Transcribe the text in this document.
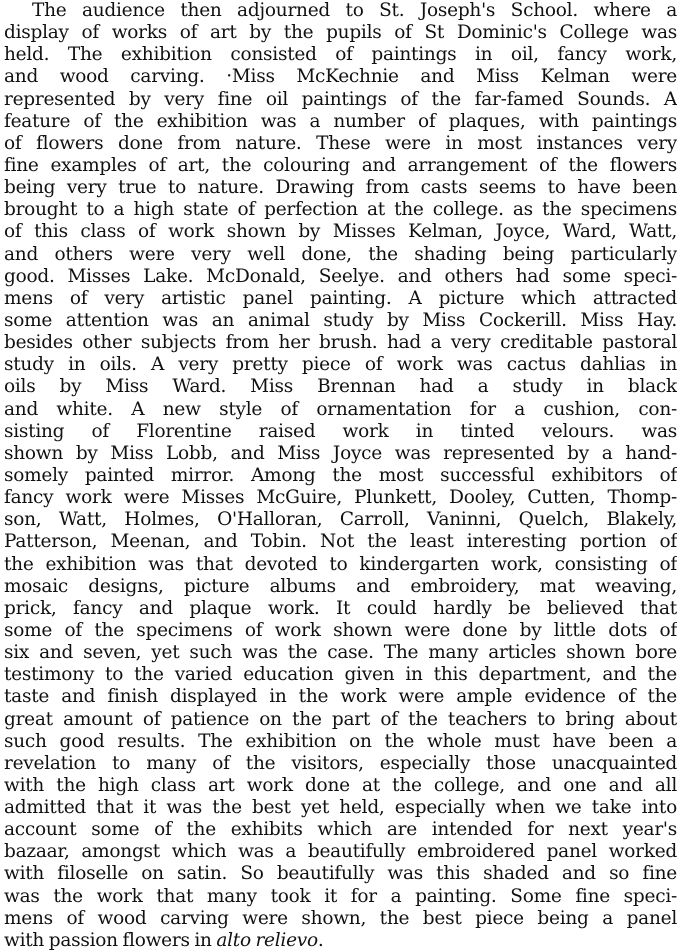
The audience then adjourned to St. Joseph's School. where a
display of works of art by the pupils of St Dominic's College was
held. The exhibition consisted of paintings in oil, fancy work,
and wood carving. ·Miss McKechnie and Miss Kelman were
represented by very fine oil paintings of the far-famed Sounds. A
feature of the exhibition was a number of plaques, with paintings
of flowers done from nature. These were in most instances very
fine examples of art, the colouring and arrangement of the flowers
being very true to nature. Drawing from casts seems to have been
brought to a high state of perfection at the college. as the specimens
of this class of work shown by Misses Kelman, Joyce, Ward, Watt,
and others were very well done, the shading being particularly
good. Misses Lake. McDonald, Seelye. and others had some speci-
mens of very artistic panel painting. A picture which attracted
some attention was an animal study by Miss Cockerill. Miss Hay.
besides other subjects from her brush. had a very creditable pastoral
study in oils. A very pretty piece of work was cactus dahlias in
oils by Miss Ward. Miss Brennan had a study in black
and white. A new style of ornamentation for a cushion, con-
sisting of Florentine raised work in tinted velours. was
shown by Miss Lobb, and Miss Joyce was represented by a hand-
somely painted mirror. Among the most successful exhibitors of
fancy work were Misses McGuire, Plunkett, Dooley, Cutten, Thomp-
son, Watt, Holmes, O'Halloran, Carroll, Vaninni, Quelch, Blakely,
Patterson, Meenan, and Tobin. Not the least interesting portion of
the exhibition was that devoted to kindergarten work, consisting of
mosaic designs, picture albums and embroidery, mat weaving,
prick, fancy and plaque work. It could hardly be believed that
some of the specimens of work shown were done by little dots of
six and seven, yet such was the case. The many articles shown bore
testimony to the varied education given in this department, and the
taste and finish displayed in the work were ample evidence of the
great amount of patience on the part of the teachers to bring about
such good results. The exhibition on the whole must have been a
revelation to many of the visitors, especially those unacquainted
with the high class art work done at the college, and one and all
admitted that it was the best yet held, especially when we take into
account some of the exhibits which are intended for next year's
bazaar, amongst which was a beautifully embroidered panel worked
with filoselle on satin. So beautifully was this shaded and so fine
was the work that many took it for a painting. Some fine speci-
mens of wood carving were shown, the best piece being a panel
with passion flowers in alto relievo.
